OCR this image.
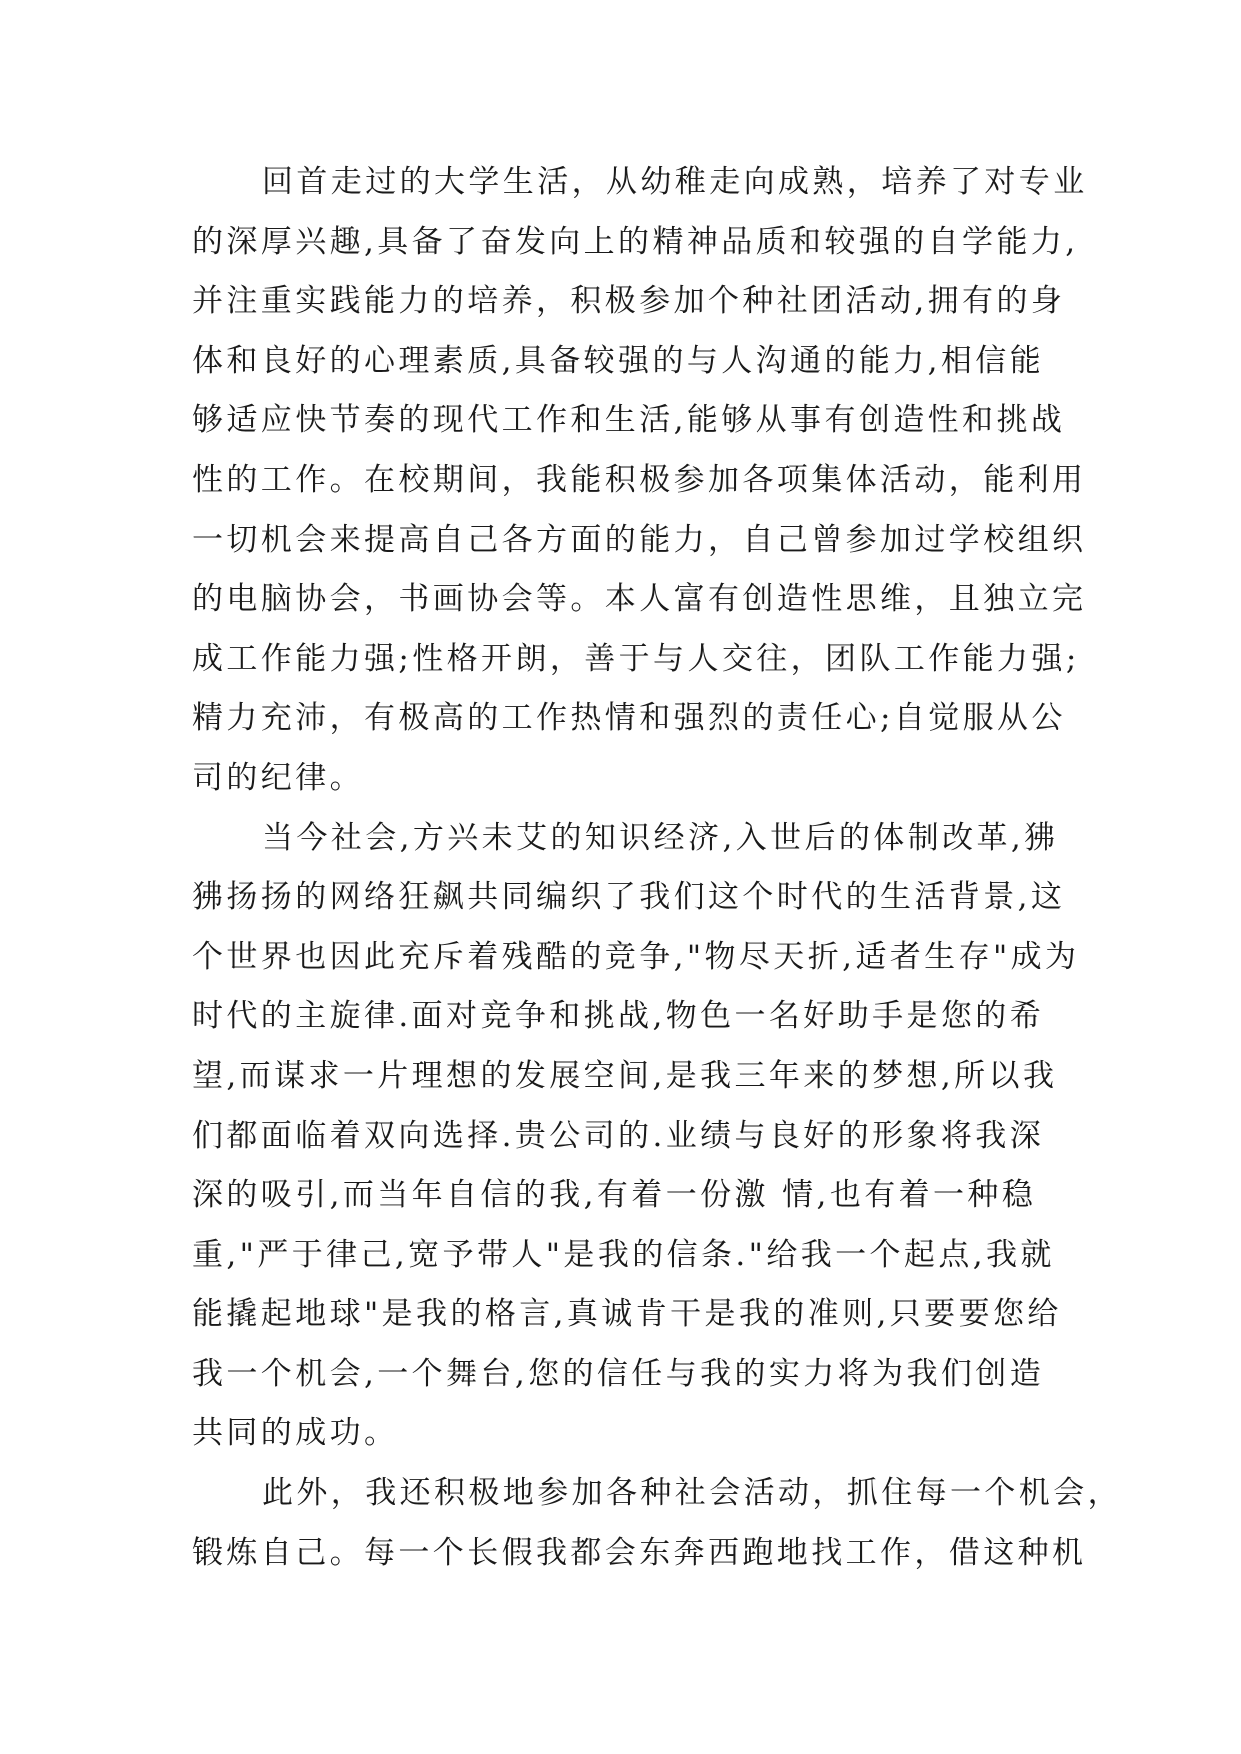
回首走过的大学生活，从幼稚走向成熟，培养了对专业
的深厚兴趣,具备了奋发向上的精神品质和较强的自学能力,
并注重实践能力的培养，积极参加个种社团活动,拥有的身
体和良好的心理素质,具备较强的与人沟通的能力,相信能
够适应快节奏的现代工作和生活,能够从事有创造性和挑战
性的工作。在校期间，我能积极参加各项集体活动，能利用
一切机会来提高自己各方面的能力，自己曾参加过学校组织
的电脑协会，书画协会等。本人富有创造性思维，且独立完
成工作能力强;性格开朗，善于与人交往，团队工作能力强;
精力充沛，有极高的工作热情和强烈的责任心;自觉服从公
司的纪律。
当今社会,方兴未艾的知识经济,入世后的体制改革,狒
狒扬扬的网络狂飙共同编织了我们这个时代的生活背景,这
个世界也因此充斥着残酷的竞争,"物尽天折,适者生存"成为
时代的主旋律.面对竞争和挑战,物色一名好助手是您的希
望,而谋求一片理想的发展空间,是我三年来的梦想,所以我
们都面临着双向选择.贵公司的.业绩与良好的形象将我深
深的吸引,而当年自信的我,有着一份激 情,也有着一种稳
重,"严于律己,宽予带人"是我的信条."给我一个起点,我就
能撬起地球"是我的格言,真诚肯干是我的准则,只要要您给
我一个机会,一个舞台,您的信任与我的实力将为我们创造
共同的成功。
此外，我还积极地参加各种社会活动，抓住每一个机会，
锻炼自己。每一个长假我都会东奔西跑地找工作，借这种机
